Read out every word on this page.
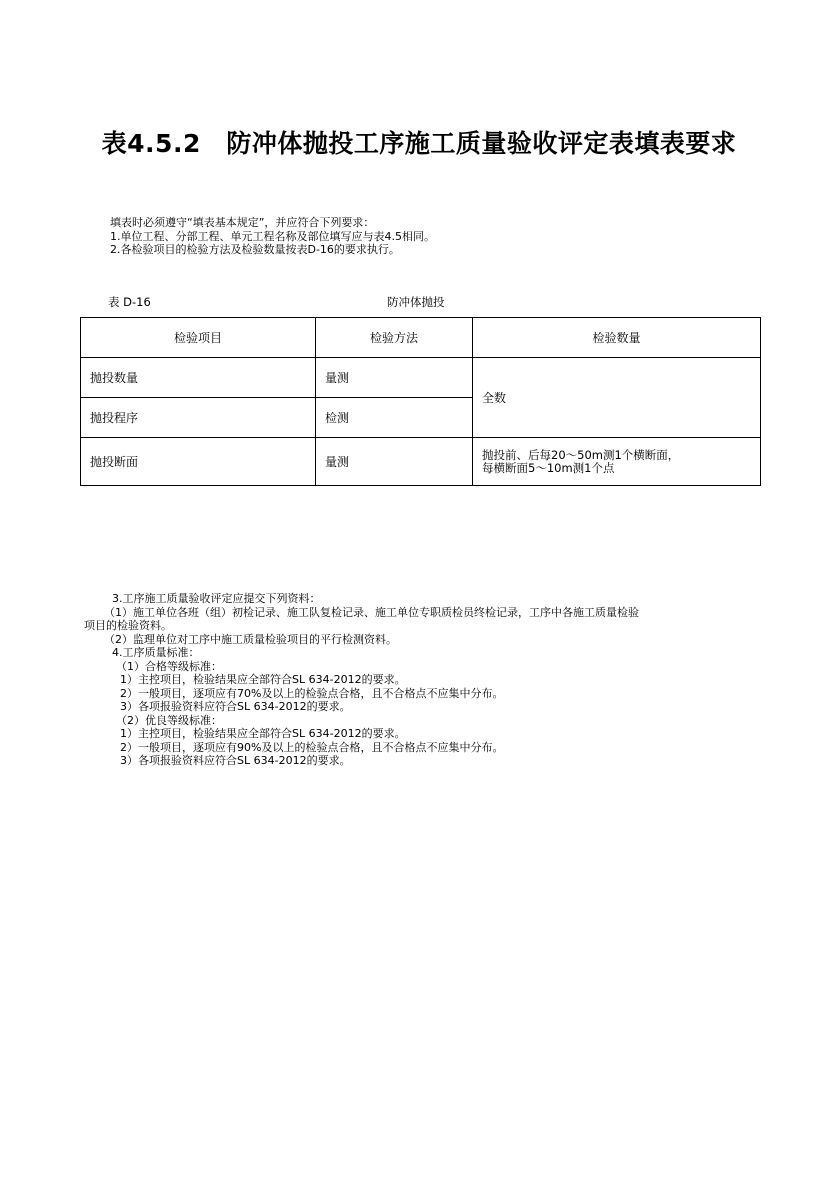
表4.5.2　防冲体抛投工序施工质量验收评定表填表要求
填表时必须遵守“填表基本规定”，并应符合下列要求：
1.单位工程、分部工程、单元工程名称及部位填写应与表4.5相同。
2.各检验项目的检验方法及检验数量按表D-16的要求执行。
表 D-16	防冲体抛投
检验项目	检验方法	检验数量
抛投数量	量测	全数
抛投程序	检测	
抛投断面	量测	抛投前、后每20～50m测1个横断面，
每横断面5～10m测1个点
3.工序施工质量验收评定应提交下列资料：
（1）施工单位各班（组）初检记录、施工队复检记录、施工单位专职质检员终检记录，工序中各施工质量检验
项目的检验资料。
（2）监理单位对工序中施工质量检验项目的平行检测资料。
4.工序质量标准：
（1）合格等级标准：
1）主控项目，检验结果应全部符合SL 634-2012的要求。
2）一般项目，逐项应有70%及以上的检验点合格，且不合格点不应集中分布。
3）各项报验资料应符合SL 634-2012的要求。
（2）优良等级标准：
1）主控项目，检验结果应全部符合SL 634-2012的要求。
2）一般项目，逐项应有90%及以上的检验点合格，且不合格点不应集中分布。
3）各项报验资料应符合SL 634-2012的要求。
